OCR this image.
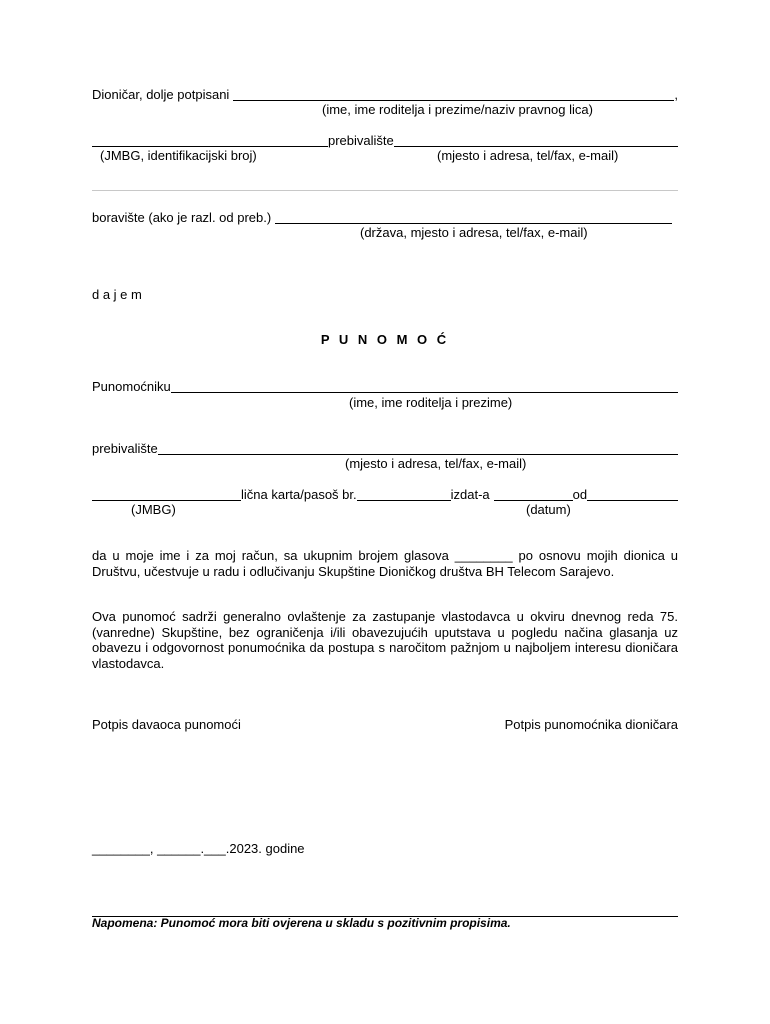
Dioničar, dolje potpisani	,
(ime, ime roditelja i prezime/naziv pravnog lica)
prebivalište
(JMBG, identifikacijski broj)	(mjesto i adresa, tel/fax, e-mail)
boravište (ako je razl. od preb.)
(država, mjesto i adresa, tel/fax, e-mail)
d a j e m
P U N O M O Ć
Punomoćniku
(ime, ime roditelja i prezime)
prebivalište
(mjesto i adresa, tel/fax, e-mail)
lična karta/pasoš br.	izdat-a	od
(JMBG)	(datum)
da u moje ime i za moj račun, sa ukupnim brojem glasova ________ po osnovu mojih dionica u Društvu, učestvuje u radu i odlučivanju Skupštine Dioničkog društva BH Telecom Sarajevo.
Ova punomoć sadrži generalno ovlaštenje za zastupanje vlastodavca u okviru dnevnog reda 75. (vanredne) Skupštine, bez ograničenja i/ili obavezujućih uputstava u pogledu načina glasanja uz obavezu i odgovornost ponumoćnika da postupa s naročitom pažnjom u najboljem interesu dioničara vlastodavca.
Potpis davaoca punomoći	Potpis punomoćnika dioničara
________, ______.___.2023. godine
Napomena: Punomoć mora biti ovjerena u skladu s pozitivnim propisima.
